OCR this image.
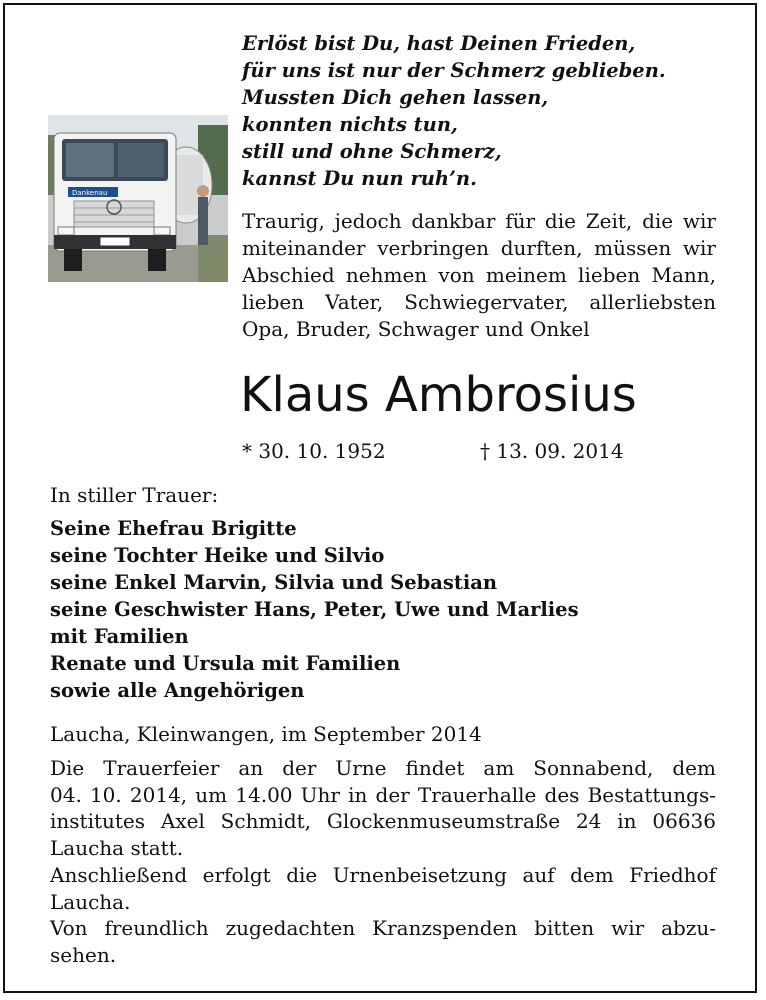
Dankenau
Erlöst bist Du, hast Deinen Frieden,
für uns ist nur der Schmerz geblieben.
Mussten Dich gehen lassen,
konnten nichts tun,
still und ohne Schmerz,
kannst Du nun ruh’n.
Traurig, jedoch dankbar für die Zeit, die wir
miteinander verbringen durften, müssen wir
Abschied nehmen von meinem lieben Mann,
lieben Vater, Schwiegervater, allerliebsten
Opa, Bruder, Schwager und Onkel
Klaus Ambrosius
* 30. 10. 1952	† 13. 09. 2014
In stiller Trauer:
Seine Ehefrau Brigitte
seine Tochter Heike und Silvio
seine Enkel Marvin, Silvia und Sebastian
seine Geschwister Hans, Peter, Uwe und Marlies
mit Familien
Renate und Ursula mit Familien
sowie alle Angehörigen
Laucha, Kleinwangen, im September 2014
Die Trauerfeier an der Urne findet am Sonnabend, dem
04. 10. 2014, um 14.00 Uhr in der Trauerhalle des Bestattungs-
institutes Axel Schmidt, Glockenmuseumstraße 24 in 06636
Laucha statt.
Anschließend erfolgt die Urnenbeisetzung auf dem Friedhof
Laucha.
Von freundlich zugedachten Kranzspenden bitten wir abzu-
sehen.
